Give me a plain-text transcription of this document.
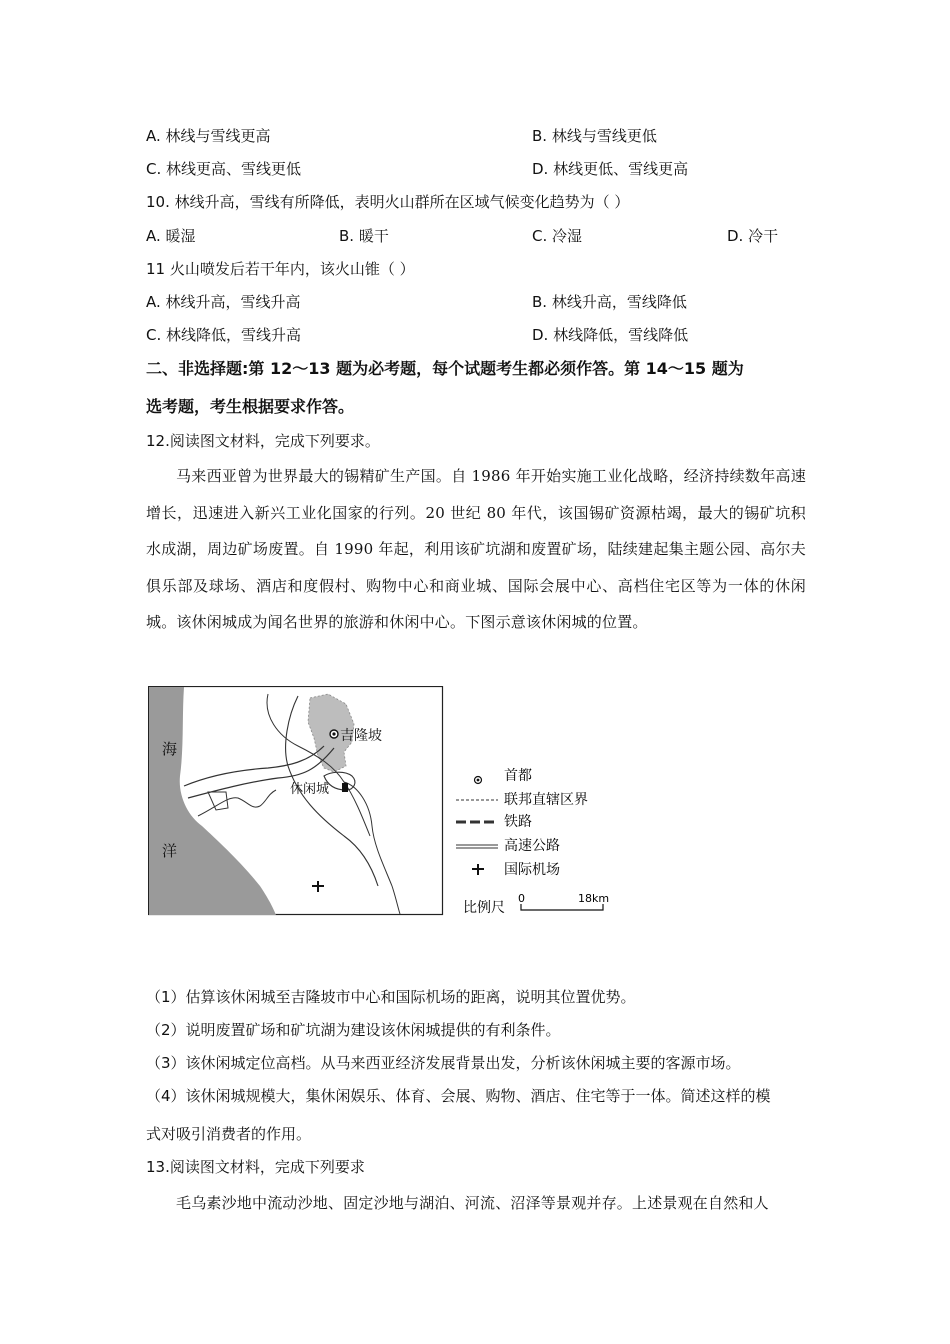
A. 林线与雪线更高	B. 林线与雪线更低
C. 林线更高、雪线更低	D. 林线更低、雪线更高
10. 林线升高，雪线有所降低，表明火山群所在区域气候变化趋势为（ ）
A. 暖湿	B. 暖干	C. 冷湿	D. 冷干
11 火山喷发后若干年内，该火山锥（ ）
A. 林线升高，雪线升高	B. 林线升高，雪线降低
C. 林线降低，雪线升高	D. 林线降低，雪线降低
二、非选择题:第 12～13 题为必考题，每个试题考生都必须作答。第 14～15 题为
选考题，考生根据要求作答。
12.阅读图文材料，完成下列要求。
马来西亚曾为世界最大的锡精矿生产国。自 1986 年开始实施工业化战略，经济持续数年高速增长，迅速进入新兴工业化国家的行列。20 世纪 80 年代，该国锡矿资源枯竭，最大的锡矿坑积水成湖，周边矿场废置。自 1990 年起，利用该矿坑湖和废置矿场，陆续建起集主题公园、高尔夫俱乐部及球场、酒店和度假村、购物中心和商业城、国际会展中心、高档住宅区等为一体的休闲城。该休闲城成为闻名世界的旅游和休闲中心。下图示意该休闲城的位置。
海
洋
吉隆坡
休闲城
首都
联邦直辖区界
铁路
高速公路
国际机场
比例尺
0	18km
（1）估算该休闲城至吉隆坡市中心和国际机场的距离，说明其位置优势。
（2）说明废置矿场和矿坑湖为建设该休闲城提供的有利条件。
（3）该休闲城定位高档。从马来西亚经济发展背景出发，分析该休闲城主要的客源市场。
（4）该休闲城规模大，集休闲娱乐、体育、会展、购物、酒店、住宅等于一体。简述这样的模
式对吸引消费者的作用。
13.阅读图文材料，完成下列要求
毛乌素沙地中流动沙地、固定沙地与湖泊、河流、沼泽等景观并存。上述景观在自然和人
